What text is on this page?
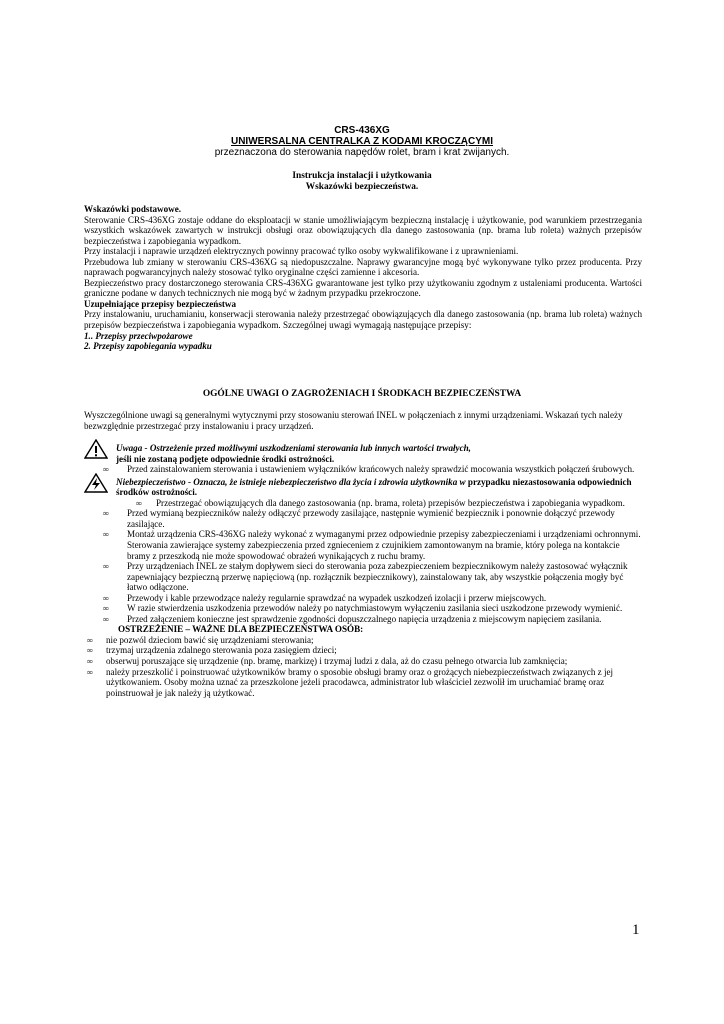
CRS-436XG
UNIWERSALNA CENTRALKA Z KODAMI KROCZĄCYMI
przeznaczona do sterowania napędów rolet, bram i krat zwijanych.
Instrukcja instalacji i użytkowania
Wskazówki bezpieczeństwa.
Wskazówki podstawowe.
Sterowanie CRS-436XG zostaje oddane do eksploatacji w stanie umożliwiającym bezpieczną instalację i użytkowanie, pod warunkiem przestrzegania wszystkich wskazówek zawartych w instrukcji obsługi oraz obowiązujących dla danego zastosowania (np. brama lub roleta) ważnych przepisów bezpieczeństwa i zapobiegania wypadkom.
Przy instalacji i naprawie urządzeń elektrycznych powinny pracować tylko osoby wykwalifikowane i z uprawnieniami.
Przebudowa lub zmiany w sterowaniu CRS-436XG są niedopuszczalne. Naprawy gwarancyjne mogą być wykonywane tylko przez producenta. Przy naprawach pogwarancyjnych należy stosować tylko oryginalne części zamienne i akcesoria.
Bezpieczeństwo pracy dostarczonego sterowania CRS-436XG gwarantowane jest tylko przy użytkowaniu zgodnym z ustaleniami producenta. Wartości graniczne podane w danych technicznych nie mogą być w żadnym przypadku przekroczone.
Uzupełniające przepisy bezpieczeństwa
Przy instalowaniu, uruchamianiu, konserwacji sterowania należy przestrzegać obowiązujących dla danego zastosowania (np. brama lub roleta) ważnych przepisów bezpieczeństwa i zapobiegania wypadkom. Szczególnej uwagi wymagają następujące przepisy:
1.. Przepisy przeciwpożarowe
2. Przepisy zapobiegania wypadku
OGÓLNE UWAGI O ZAGROŻENIACH I ŚRODKACH BEZPIECZEŃSTWA
Wyszczególnione uwagi są generalnymi wytycznymi przy stosowaniu sterowań INEL w połączeniach z innymi urządzeniami. Wskazań tych należy bezwzględnie przestrzegać przy instalowaniu i pracy urządzeń.
Uwaga - Ostrzeżenie przed możliwymi uszkodzeniami sterowania lub innych wartości trwałych,
jeśli nie zostaną podjęte odpowiednie środki ostrożności.
∞ Przed zainstalowaniem sterowania i ustawieniem wyłączników krańcowych należy sprawdzić mocowania wszystkich połączeń śrubowych.
Niebezpieczeństwo - Oznacza, że istnieje niebezpieczeństwo dla życia i zdrowia użytkownika w przypadku niezastosowania odpowiednich środków ostrożności.
∞ Przestrzegać obowiązujących dla danego zastosowania (np. brama, roleta) przepisów bezpieczeństwa i zapobiegania wypadkom.
∞ Przed wymianą bezpieczników należy odłączyć przewody zasilające, następnie wymienić bezpiecznik i ponownie dołączyć przewody zasilające.
∞ Montaż urządzenia CRS-436XG należy wykonać z wymaganymi przez odpowiednie przepisy zabezpieczeniami i urządzeniami ochronnymi. Sterowania zawierające systemy zabezpieczenia przed zgnieceniem z czujnikiem zamontowanym na bramie, który polega na kontakcie bramy z przeszkodą nie może spowodować obrażeń wynikających z ruchu bramy.
∞ Przy urządzeniach INEL ze stałym dopływem sieci do sterowania poza zabezpieczeniem bezpiecznikowym należy zastosować wyłącznik zapewniający bezpieczną przerwę napięciową (np. rozłącznik bezpiecznikowy), zainstalowany tak, aby wszystkie połączenia mogły być łatwo odłączone.
∞ Przewody i kable przewodzące należy regularnie sprawdzać na wypadek uszkodzeń izolacji i przerw miejscowych.
∞ W razie stwierdzenia uszkodzenia przewodów należy po natychmiastowym wyłączeniu zasilania sieci uszkodzone przewody wymienić.
∞ Przed załączeniem konieczne jest sprawdzenie zgodności dopuszczalnego napięcia urządzenia z miejscowym napięciem zasilania.
OSTRZEŻENIE – WAŻNE DLA BEZPIECZEŃSTWA OSÓB:
∞ nie pozwól dzieciom bawić się urządzeniami sterowania;
∞ trzymaj urządzenia zdalnego sterowania poza zasięgiem dzieci;
∞ obserwuj poruszające się urządzenie (np. bramę, markizę) i trzymaj ludzi z dala, aż do czasu pełnego otwarcia lub zamknięcia;
∞ należy przeszkolić i poinstruować użytkowników bramy o sposobie obsługi bramy oraz o grożących niebezpieczeństwach związanych z jej użytkowaniem. Osoby można uznać za przeszkolone jeżeli pracodawca, administrator lub właściciel zezwolił im uruchamiać bramę oraz poinstruował je jak należy ją użytkować.
1
